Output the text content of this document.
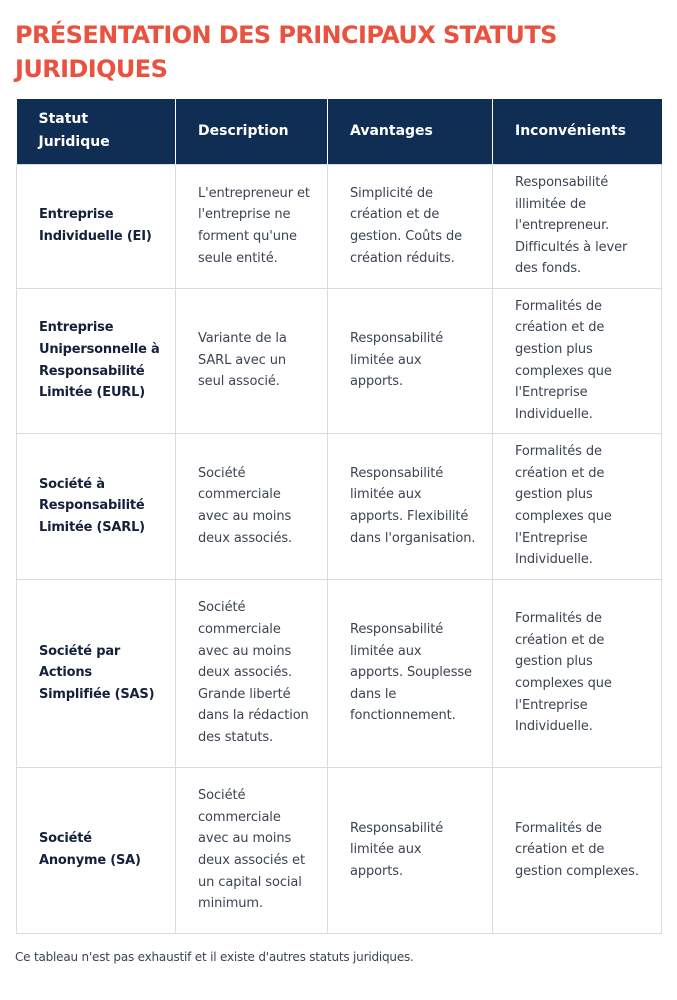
PRÉSENTATION DES PRINCIPAUX STATUTS JURIDIQUES
Statut Juridique	Description	Avantages	Inconvénients
Entreprise Individuelle (EI)	L'entrepreneur et l'entreprise ne forment qu'une seule entité.	Simplicité de création et de gestion. Coûts de création réduits.	Responsabilité illimitée de l'entrepreneur. Difficultés à lever des fonds.
Entreprise Unipersonnelle à Responsabilité Limitée (EURL)	Variante de la SARL avec un seul associé.	Responsabilité limitée aux apports.	Formalités de création et de gestion plus complexes que l'Entreprise Individuelle.
Société à Responsabilité Limitée (SARL)	Société commerciale avec au moins deux associés.	Responsabilité limitée aux apports. Flexibilité dans l'organisation.	Formalités de création et de gestion plus complexes que l'Entreprise Individuelle.
Société par Actions Simplifiée (SAS)	Société commerciale avec au moins deux associés. Grande liberté dans la rédaction des statuts.	Responsabilité limitée aux apports. Souplesse dans le fonctionnement.	Formalités de création et de gestion plus complexes que l'Entreprise Individuelle.
Société Anonyme (SA)	Société commerciale avec au moins deux associés et un capital social minimum.	Responsabilité limitée aux apports.	Formalités de création et de gestion complexes.

Ce tableau n'est pas exhaustif et il existe d'autres statuts juridiques.
